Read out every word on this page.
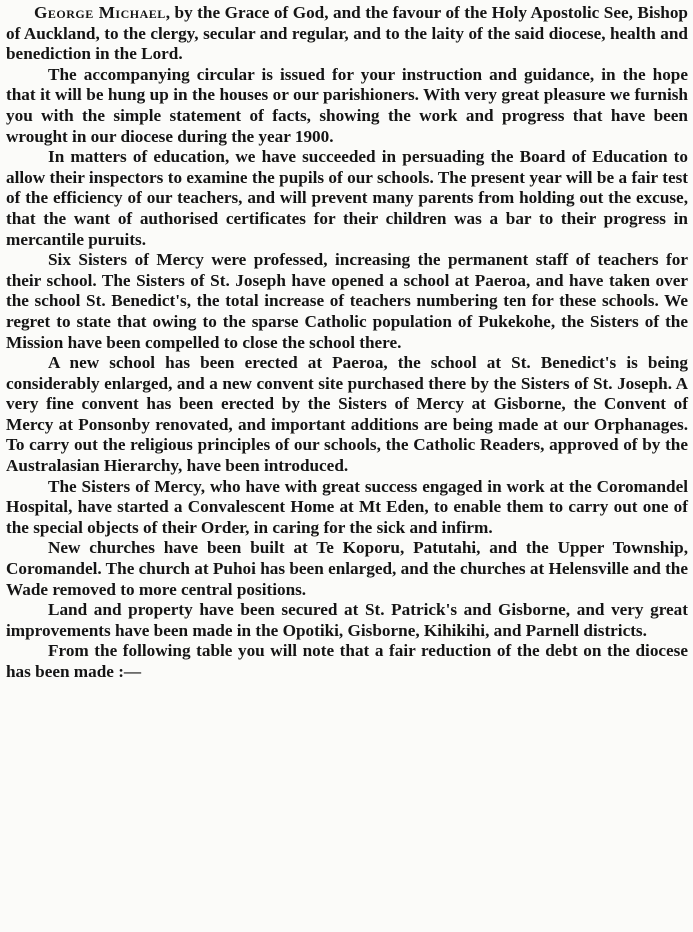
George Michael, by the Grace of God, and the favour of the Holy Apostolic See, Bishop of Auckland, to the clergy, secular and regular, and to the laity of the said diocese, health and benediction in the Lord.

The accompanying circular is issued for your instruction and guidance, in the hope that it will be hung up in the houses or our parishioners. With very great pleasure we furnish you with the simple statement of facts, showing the work and progress that have been wrought in our diocese during the year 1900.

In matters of education, we have succeeded in persuading the Board of Education to allow their inspectors to examine the pupils of our schools. The present year will be a fair test of the efficiency of our teachers, and will prevent many parents from holding out the excuse, that the want of authorised certificates for their children was a bar to their progress in mercantile puruits.

Six Sisters of Mercy were professed, increasing the permanent staff of teachers for their school. The Sisters of St. Joseph have opened a school at Paeroa, and have taken over the school St. Benedict's, the total increase of teachers numbering ten for these schools. We regret to state that owing to the sparse Catholic population of Pukekohe, the Sisters of the Mission have been compelled to close the school there.

A new school has been erected at Paeroa, the school at St. Benedict's is being considerably enlarged, and a new convent site purchased there by the Sisters of St. Joseph. A very fine convent has been erected by the Sisters of Mercy at Gisborne, the Convent of Mercy at Ponsonby renovated, and important additions are being made at our Orphanages. To carry out the religious principles of our schools, the Catholic Readers, approved of by the Australasian Hierarchy, have been introduced.

The Sisters of Mercy, who have with great success engaged in work at the Coromandel Hospital, have started a Convalescent Home at Mt Eden, to enable them to carry out one of the special objects of their Order, in caring for the sick and infirm.

New churches have been built at Te Koporu, Patutahi, and the Upper Township, Coromandel. The church at Puhoi has been enlarged, and the churches at Helensville and the Wade removed to more central positions.

Land and property have been secured at St. Patrick's and Gisborne, and very great improvements have been made in the Opotiki, Gisborne, Kihikihi, and Parnell districts.

From the following table you will note that a fair reduction of the debt on the diocese has been made :—
